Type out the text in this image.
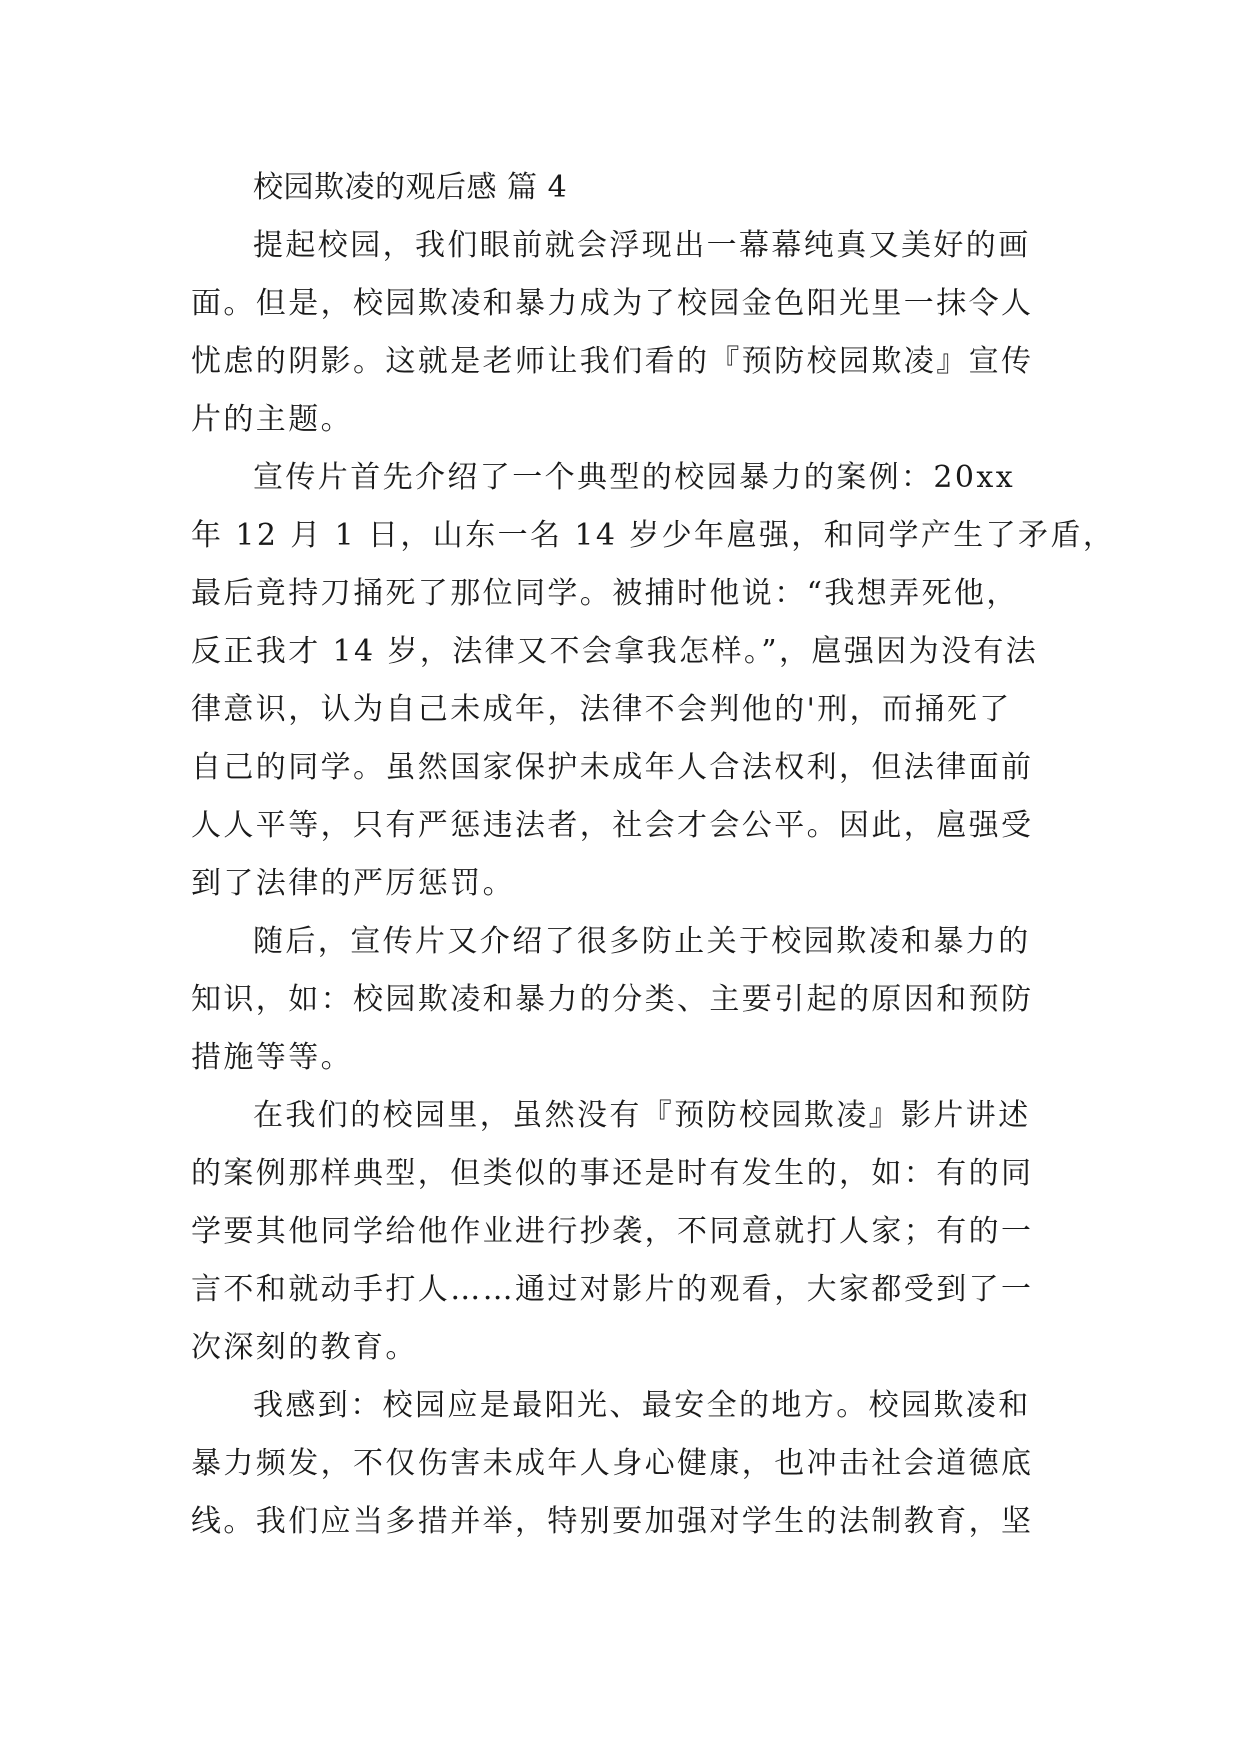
校园欺凌的观后感 篇 4
提起校园，我们眼前就会浮现出一幕幕纯真又美好的画
面。但是，校园欺凌和暴力成为了校园金色阳光里一抹令人
忧虑的阴影。这就是老师让我们看的『预防校园欺凌』宣传
片的主题。
宣传片首先介绍了一个典型的校园暴力的案例：20xx
年 12 月 1 日，山东一名 14 岁少年扈强，和同学产生了矛盾，
最后竟持刀捅死了那位同学。被捕时他说：“我想弄死他，
反正我才 14 岁，法律又不会拿我怎样。”，扈强因为没有法
律意识，认为自己未成年，法律不会判他的'刑，而捅死了
自己的同学。虽然国家保护未成年人合法权利，但法律面前
人人平等，只有严惩违法者，社会才会公平。因此，扈强受
到了法律的严厉惩罚。
随后，宣传片又介绍了很多防止关于校园欺凌和暴力的
知识，如：校园欺凌和暴力的分类、主要引起的原因和预防
措施等等。
在我们的校园里，虽然没有『预防校园欺凌』影片讲述
的案例那样典型，但类似的事还是时有发生的，如：有的同
学要其他同学给他作业进行抄袭，不同意就打人家；有的一
言不和就动手打人……通过对影片的观看，大家都受到了一
次深刻的教育。
我感到：校园应是最阳光、最安全的地方。校园欺凌和
暴力频发，不仅伤害未成年人身心健康，也冲击社会道德底
线。我们应当多措并举，特别要加强对学生的法制教育，坚
